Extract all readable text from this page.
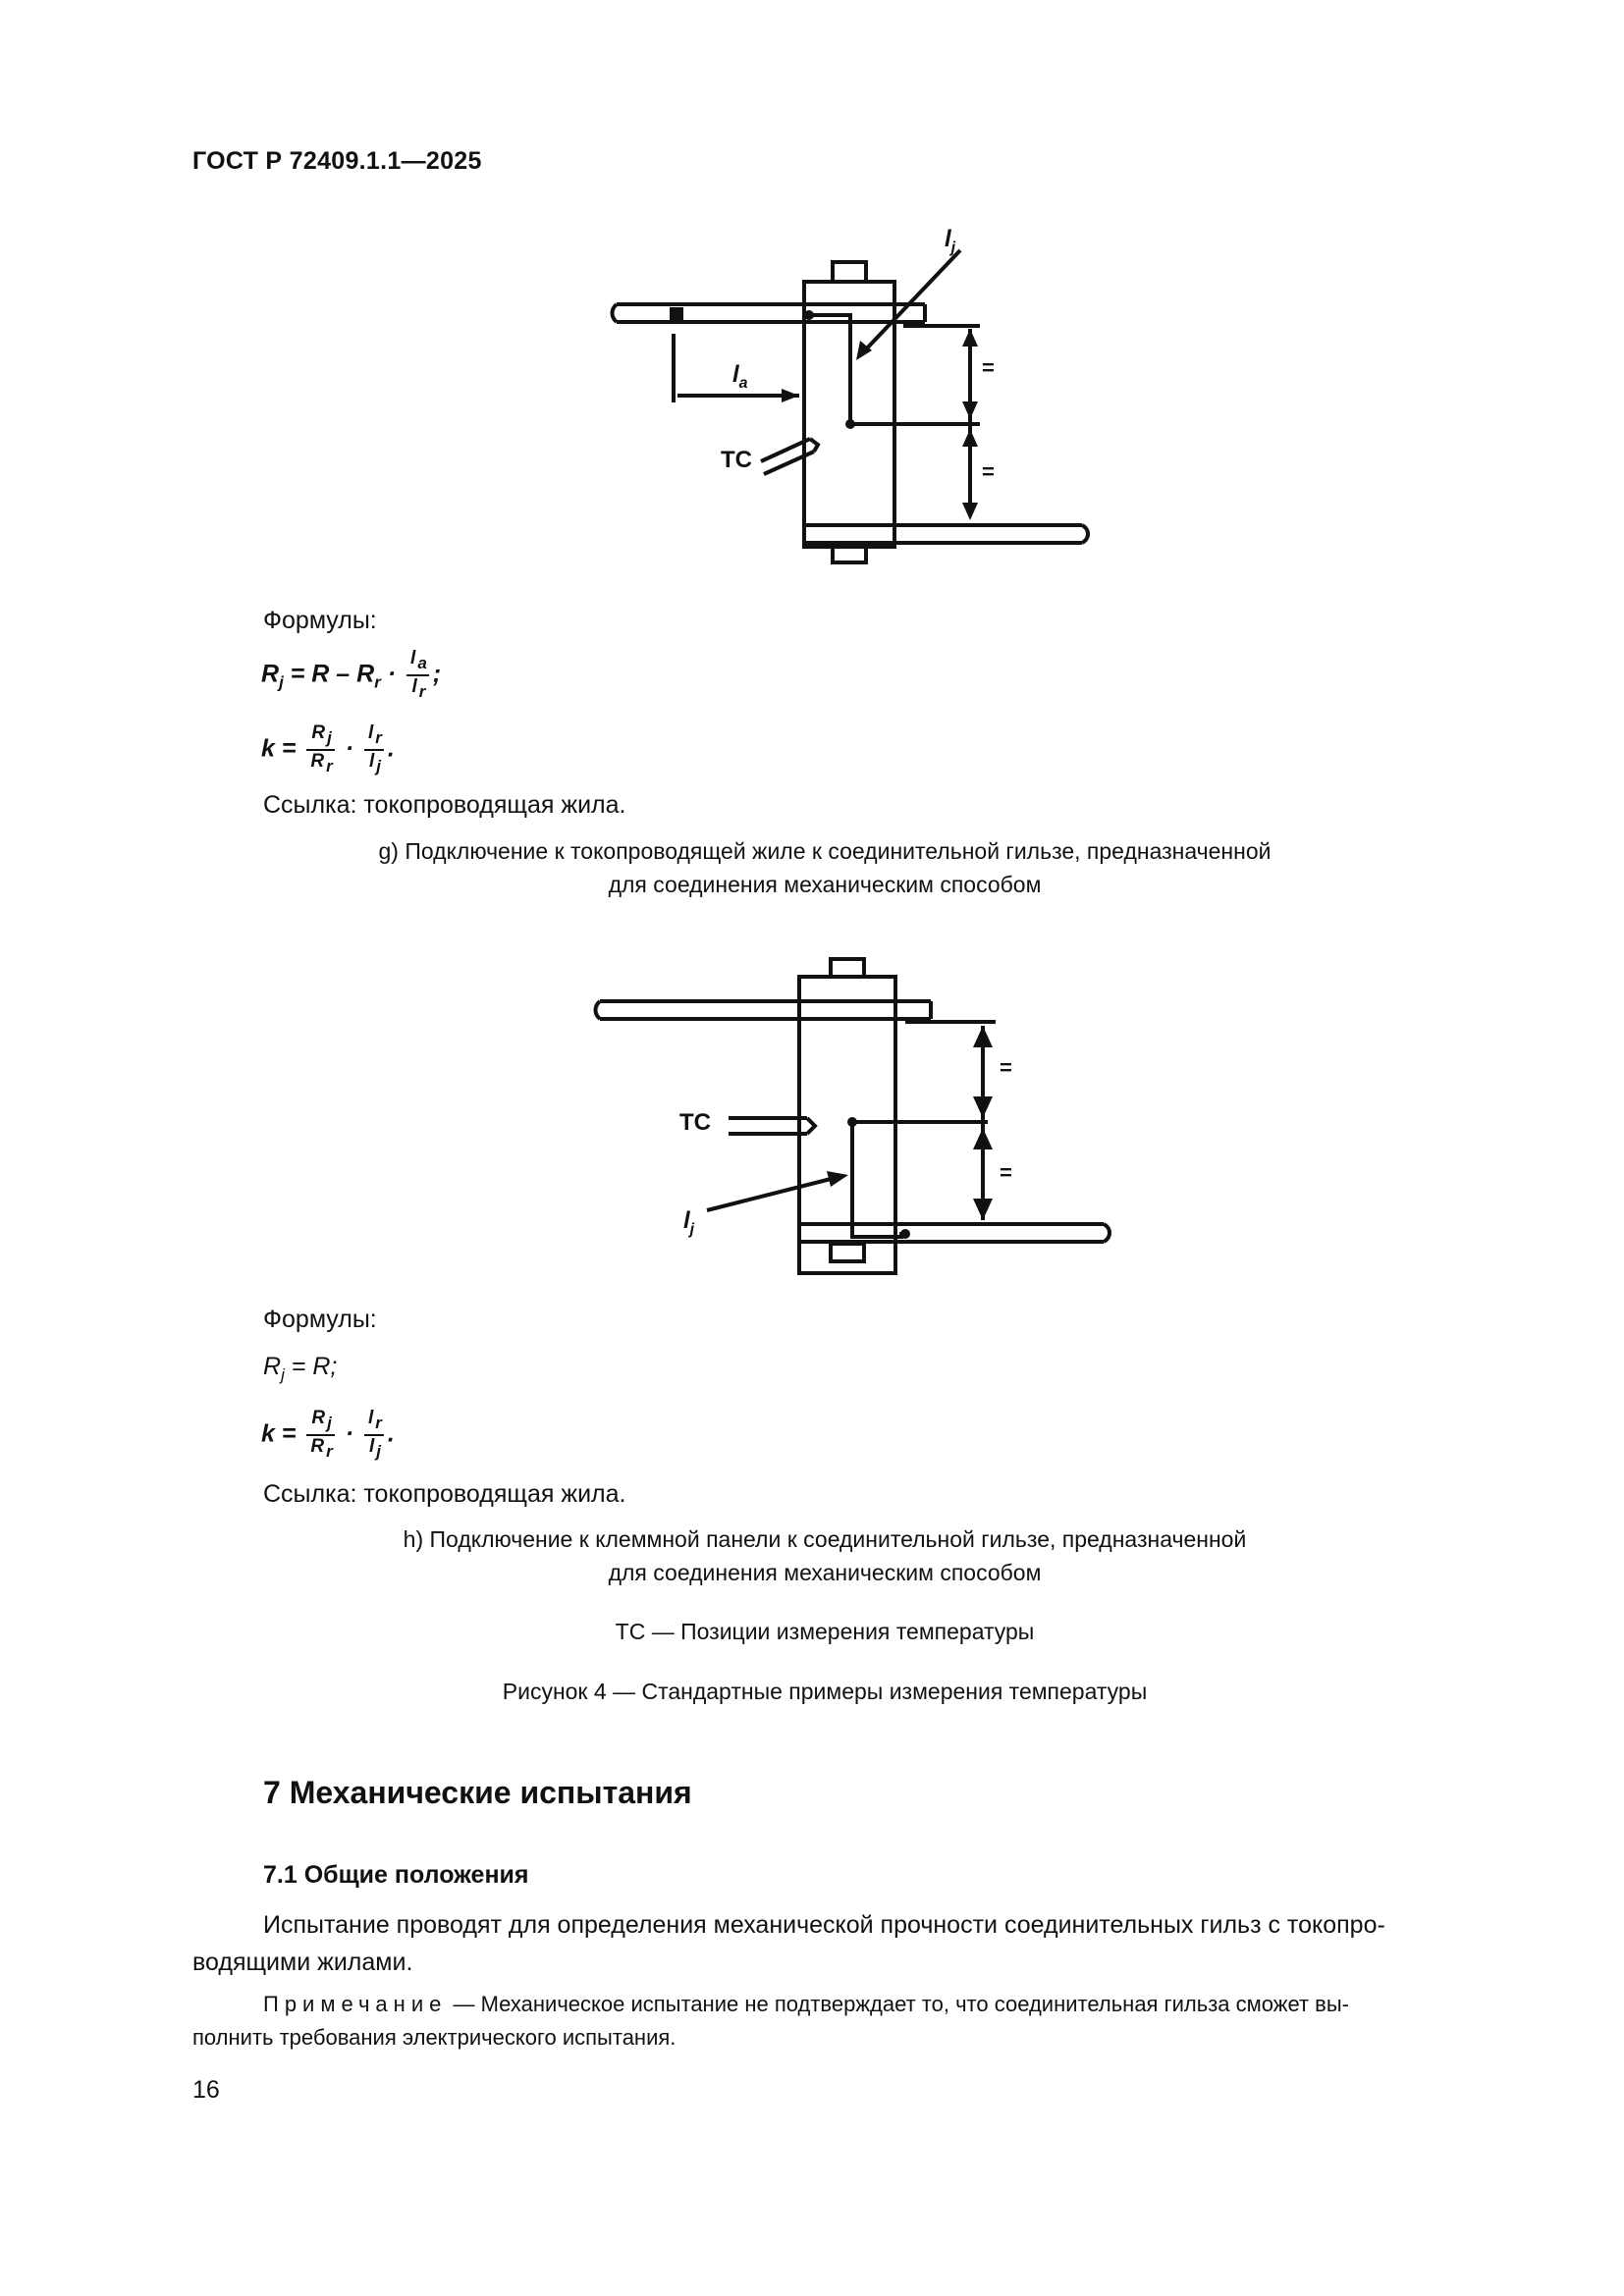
ГОСТ Р 72409.1.1—2025
$l_j$
$l_a$
TC
=
=
Формулы:
$R_j = R - R_r \cdot \frac{l _a}{l _r}$ ;
$k = \frac{R _j}{R _r} \cdot \frac{l _r}{l _j}$ .
Ссылка: токопроводящая жила.
g) Подключение к токопроводящей жиле к соединительной гильзе, предназначенной
для соединения механическим способом
TC
$l_j$
=
=
Формулы:
$R_j = R$;
$k = \frac{R _j}{R _r} \cdot \frac{l _r}{l _j}$ .
Ссылка: токопроводящая жила.
h) Подключение к клеммной панели к соединительной гильзе, предназначенной
для соединения механическим способом
TC — Позиции измерения температуры
Рисунок 4 — Стандартные примеры измерения температуры
7 Механические испытания
7.1 Общие положения
Испытание проводят для определения механической прочности соединительных гильз с токопро-
водящими жилами.
Примечание — Механическое испытание не подтверждает то, что соединительная гильза сможет вы-
полнить требования электрического испытания.
16
